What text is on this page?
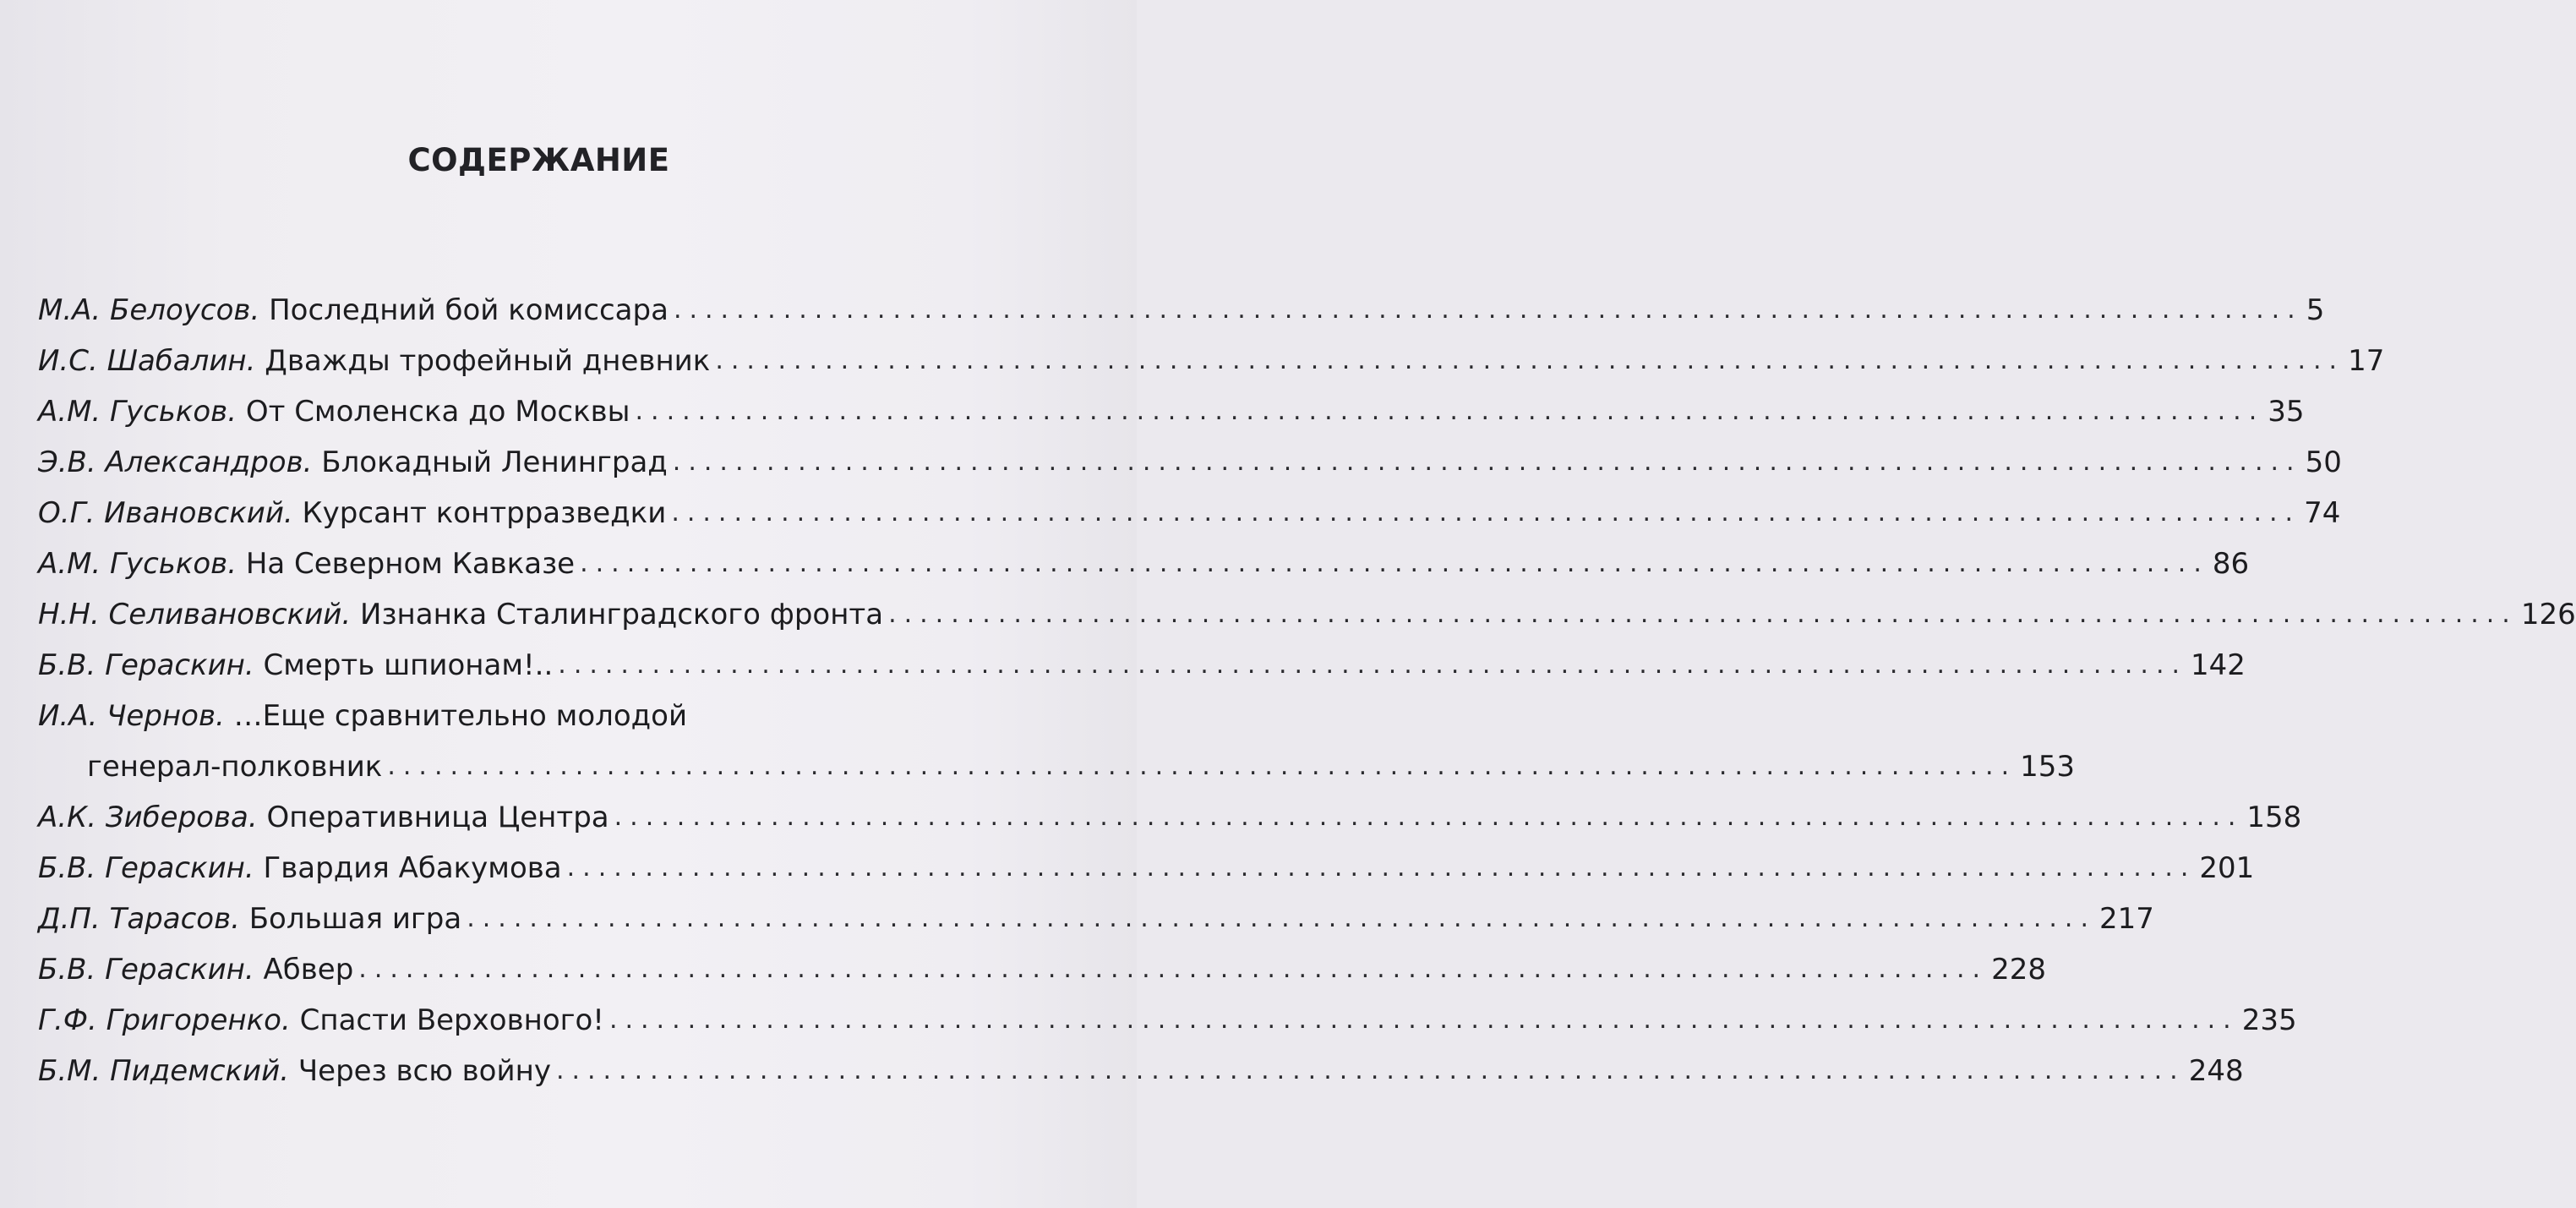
СОДЕРЖАНИЕ
М.А. Белоусов. Последний бой комиссара ........................................................................................................ 5
И.С. Шабалин. Дважды трофейный дневник ........................................................................................................ 17
А.М. Гуськов. От Смоленска до Москвы ........................................................................................................ 35
Э.В. Александров. Блокадный Ленинград ........................................................................................................ 50
О.Г. Ивановский. Курсант контрразведки ........................................................................................................ 74
А.М. Гуськов. На Северном Кавказе ........................................................................................................ 86
Н.Н. Селивановский. Изнанка Сталинградского фронта ........................................................................................................ 126
Б.В. Гераскин. Смерть шпионам!.. ........................................................................................................ 142
И.А. Чернов. …Еще сравнительно молодой
генерал-полковник ........................................................................................................ 153
А.К. Зиберова. Оперативница Центра ........................................................................................................ 158
Б.В. Гераскин. Гвардия Абакумова ........................................................................................................ 201
Д.П. Тарасов. Большая игра ........................................................................................................ 217
Б.В. Гераскин. Абвер ........................................................................................................ 228
Г.Ф. Григоренко. Спасти Верховного! ........................................................................................................ 235
Б.М. Пидемский. Через всю войну ........................................................................................................ 248
